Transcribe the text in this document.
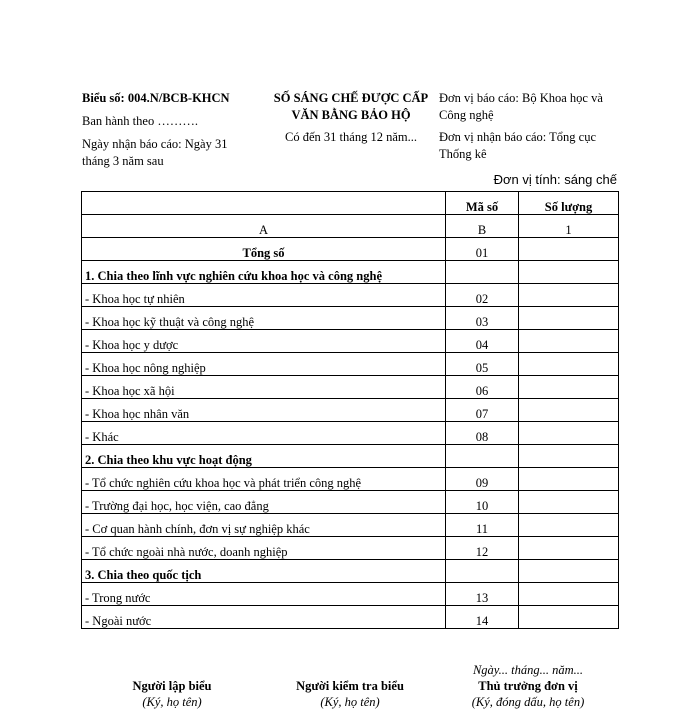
Biểu số: 004.N/BCB-KHCN
Ban hành theo ……….
Ngày nhận báo cáo: Ngày 31 tháng 3 năm sau
SỐ SÁNG CHẾ ĐƯỢC CẤP
VĂN BẰNG BẢO HỘ
Có đến 31 tháng 12 năm...
Đơn vị báo cáo: Bộ Khoa học và Công nghệ
Đơn vị nhận báo cáo: Tổng cục Thống kê
Đơn vị tính: sáng chế
	Mã số	Số lượng
A	B	1
Tổng số	01	
1. Chia theo lĩnh vực nghiên cứu khoa học và công nghệ		
- Khoa học tự nhiên	02	
- Khoa học kỹ thuật và công nghệ	03	
- Khoa học y dược	04	
- Khoa học nông nghiệp	05	
- Khoa học xã hội	06	
- Khoa học nhân văn	07	
- Khác	08	
2. Chia theo khu vực hoạt động		
- Tổ chức nghiên cứu khoa học và phát triển công nghệ	09	
- Trường đại học, học viện, cao đẳng	10	
- Cơ quan hành chính, đơn vị sự nghiệp khác	11	
- Tổ chức ngoài nhà nước, doanh nghiệp	12	
3. Chia theo quốc tịch		
- Trong nước	13	
- Ngoài nước	14	

Người lập biểu
(Ký, họ tên)

Người kiểm tra biểu
(Ký, họ tên)
Ngày... tháng... năm...
Thủ trưởng đơn vị
(Ký, đóng dấu, họ tên)
